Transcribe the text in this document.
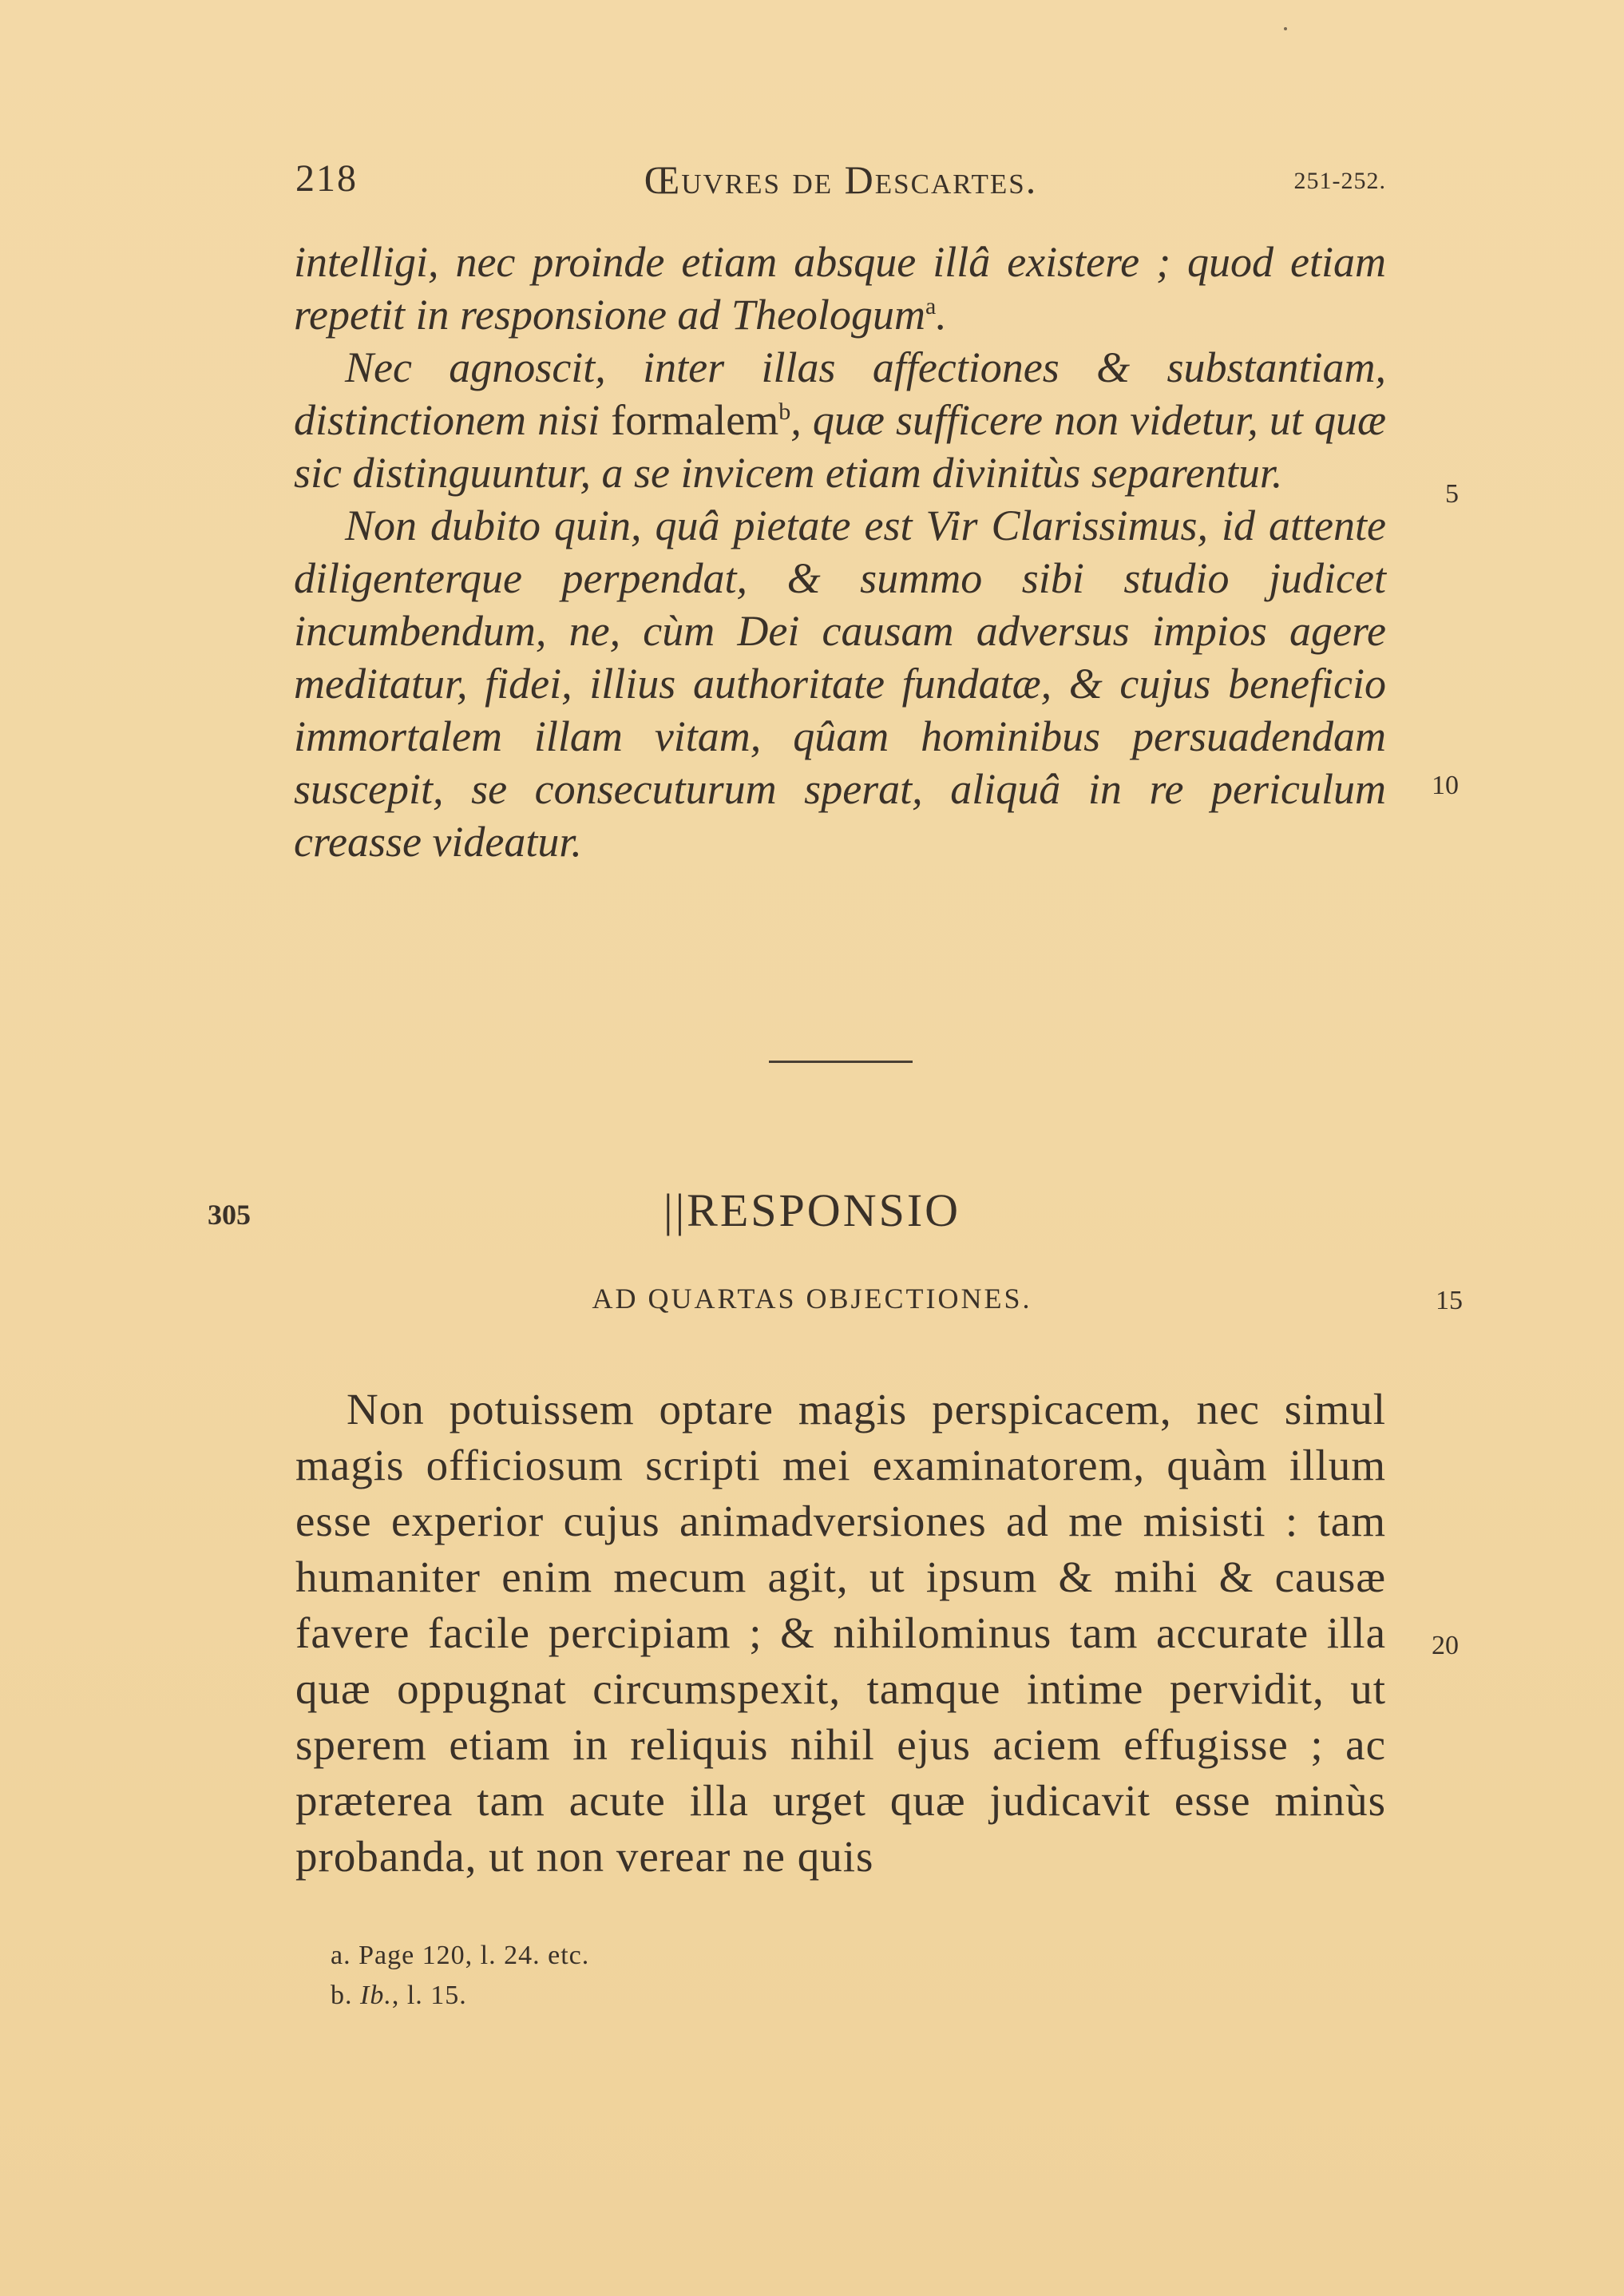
218	Œuvres de Descartes.	251-252.

intelligi, nec proinde etiam absque illâ existere ; quod etiam repetit in responsione ad Theologum$^a$.

Nec agnoscit, inter illas affectiones & substantiam, distinctionem nisi formalem$^b$, quæ sufficere non videtur, ut quæ sic distinguuntur, a se invicem etiam divinitùs separentur.

Non dubito quin, quâ pietate est Vir Clarissimus, id attente diligenterque perpendat, & summo sibi studio judicet incumbendum, ne, cùm Dei causam adversus impios agere meditatur, fidei, illius authoritate fundatæ, & cujus beneficio immortalem illam vitam, qûam hominibus persuadendam suscepit, se consecuturum sperat, aliquâ in re periculum creasse videatur.

5
10
305	||RESPONSIO
AD QUARTAS OBJECTIONES.	15

Non potuissem optare magis perspicacem, nec simul magis officiosum scripti mei examinatorem, quàm illum esse experior cujus animadversiones ad me misisti : tam humaniter enim mecum agit, ut ipsum & mihi & causæ favere facile percipiam ; & nihilominus tam accurate illa quæ oppugnat circumspexit, tamque intime pervidit, ut sperem etiam in reliquis nihil ejus aciem effugisse ; ac præterea tam acute illa urget quæ judicavit esse minùs probanda, ut non verear ne quis

20
a. Page 120, l. 24. etc.
b. Ib., l. 15.
